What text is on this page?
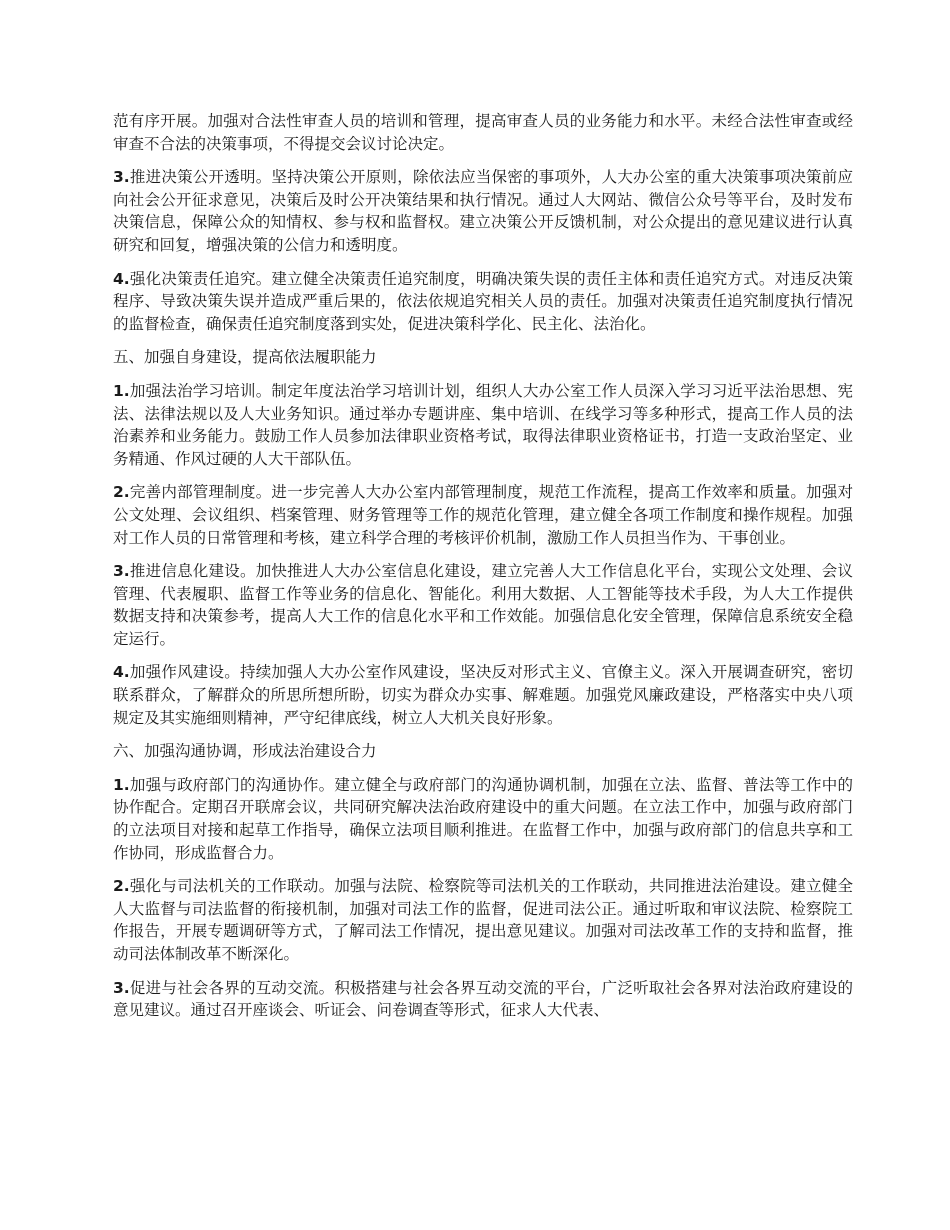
范有序开展。加强对合法性审查人员的培训和管理，提高审查人员的业务能力和水平。未经合法性审查或经审查不合法的决策事项，不得提交会议讨论决定。

3.推进决策公开透明。坚持决策公开原则，除依法应当保密的事项外，人大办公室的重大决策事项决策前应向社会公开征求意见，决策后及时公开决策结果和执行情况。通过人大网站、微信公众号等平台，及时发布决策信息，保障公众的知情权、参与权和监督权。建立决策公开反馈机制，对公众提出的意见建议进行认真研究和回复，增强决策的公信力和透明度。

4.强化决策责任追究。建立健全决策责任追究制度，明确决策失误的责任主体和责任追究方式。对违反决策程序、导致决策失误并造成严重后果的，依法依规追究相关人员的责任。加强对决策责任追究制度执行情况的监督检查，确保责任追究制度落到实处，促进决策科学化、民主化、法治化。

五、加强自身建设，提高依法履职能力

1.加强法治学习培训。制定年度法治学习培训计划，组织人大办公室工作人员深入学习习近平法治思想、宪法、法律法规以及人大业务知识。通过举办专题讲座、集中培训、在线学习等多种形式，提高工作人员的法治素养和业务能力。鼓励工作人员参加法律职业资格考试，取得法律职业资格证书，打造一支政治坚定、业务精通、作风过硬的人大干部队伍。

2.完善内部管理制度。进一步完善人大办公室内部管理制度，规范工作流程，提高工作效率和质量。加强对公文处理、会议组织、档案管理、财务管理等工作的规范化管理，建立健全各项工作制度和操作规程。加强对工作人员的日常管理和考核，建立科学合理的考核评价机制，激励工作人员担当作为、干事创业。

3.推进信息化建设。加快推进人大办公室信息化建设，建立完善人大工作信息化平台，实现公文处理、会议管理、代表履职、监督工作等业务的信息化、智能化。利用大数据、人工智能等技术手段，为人大工作提供数据支持和决策参考，提高人大工作的信息化水平和工作效能。加强信息化安全管理，保障信息系统安全稳定运行。

4.加强作风建设。持续加强人大办公室作风建设，坚决反对形式主义、官僚主义。深入开展调查研究，密切联系群众，了解群众的所思所想所盼，切实为群众办实事、解难题。加强党风廉政建设，严格落实中央八项规定及其实施细则精神，严守纪律底线，树立人大机关良好形象。

六、加强沟通协调，形成法治建设合力

1.加强与政府部门的沟通协作。建立健全与政府部门的沟通协调机制，加强在立法、监督、普法等工作中的协作配合。定期召开联席会议，共同研究解决法治政府建设中的重大问题。在立法工作中，加强与政府部门的立法项目对接和起草工作指导，确保立法项目顺利推进。在监督工作中，加强与政府部门的信息共享和工作协同，形成监督合力。

2.强化与司法机关的工作联动。加强与法院、检察院等司法机关的工作联动，共同推进法治建设。建立健全人大监督与司法监督的衔接机制，加强对司法工作的监督，促进司法公正。通过听取和审议法院、检察院工作报告，开展专题调研等方式，了解司法工作情况，提出意见建议。加强对司法改革工作的支持和监督，推动司法体制改革不断深化。

3.促进与社会各界的互动交流。积极搭建与社会各界互动交流的平台，广泛听取社会各界对法治政府建设的意见建议。通过召开座谈会、听证会、问卷调查等形式，征求人大代表、
